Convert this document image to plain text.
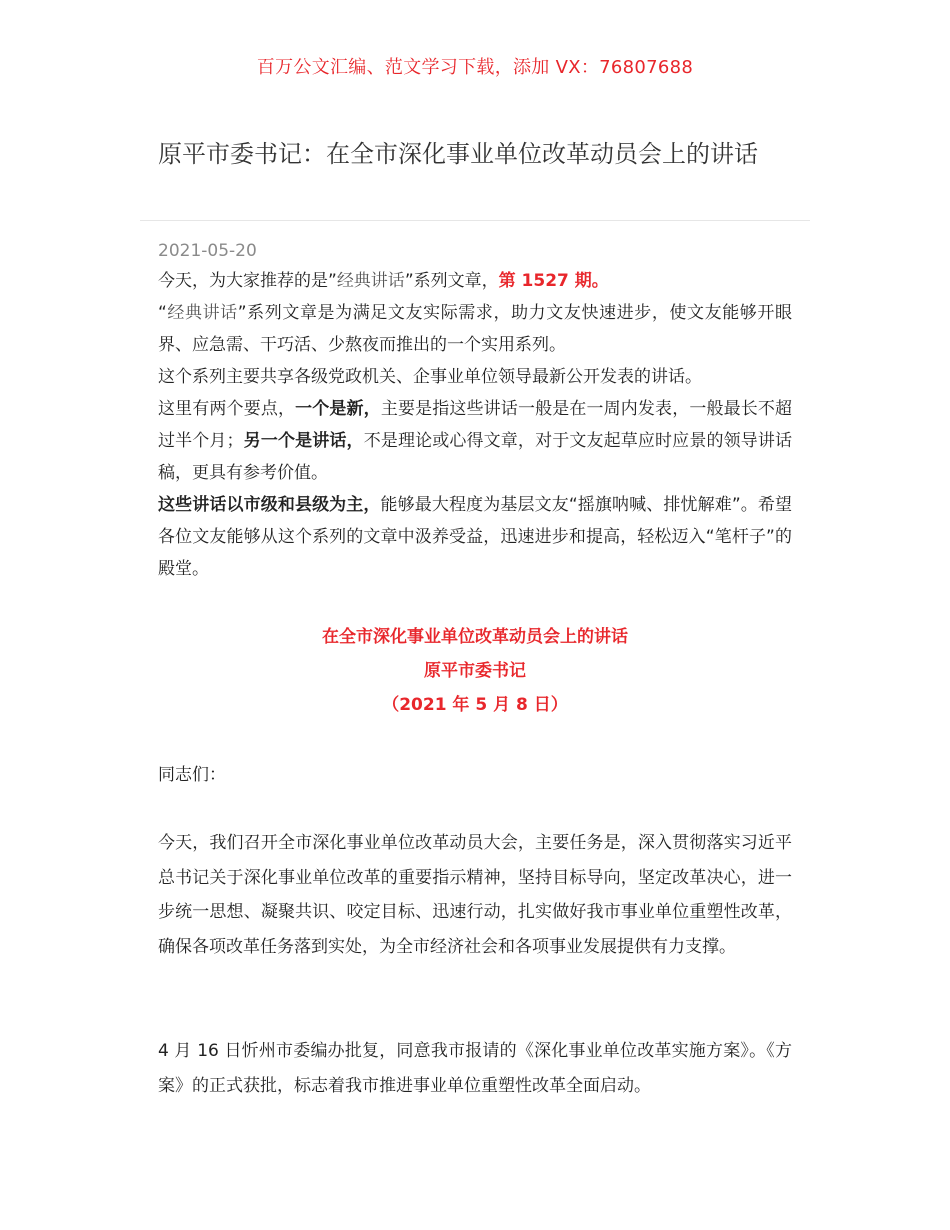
百万公文汇编、范文学习下载，添加 VX：76807688
原平市委书记：在全市深化事业单位改革动员会上的讲话
2021-05-20

今天，为大家推荐的是”经典讲话”系列文章，第 1527 期。

“经典讲话”系列文章是为满足文友实际需求，助力文友快速进步，使文友能够开眼界、应急需、干巧活、少熬夜而推出的一个实用系列。

这个系列主要共享各级党政机关、企事业单位领导最新公开发表的讲话。

这里有两个要点，一个是新，主要是指这些讲话一般是在一周内发表，一般最长不超过半个月；另一个是讲话，不是理论或心得文章，对于文友起草应时应景的领导讲话稿，更具有参考价值。

这些讲话以市级和县级为主，能够最大程度为基层文友“摇旗呐喊、排忧解难”。希望各位文友能够从这个系列的文章中汲养受益，迅速进步和提高，轻松迈入“笔杆子”的殿堂。

在全市深化事业单位改革动员会上的讲话
原平市委书记
（2021 年 5 月 8 日）
同志们：

今天，我们召开全市深化事业单位改革动员大会，主要任务是，深入贯彻落实习近平总书记关于深化事业单位改革的重要指示精神，坚持目标导向，坚定改革决心，进一步统一思想、凝聚共识、咬定目标、迅速行动，扎实做好我市事业单位重塑性改革，确保各项改革任务落到实处，为全市经济社会和各项事业发展提供有力支撑。

4 月 16 日忻州市委编办批复，同意我市报请的《深化事业单位改革实施方案》。《方案》的正式获批，标志着我市推进事业单位重塑性改革全面启动。
